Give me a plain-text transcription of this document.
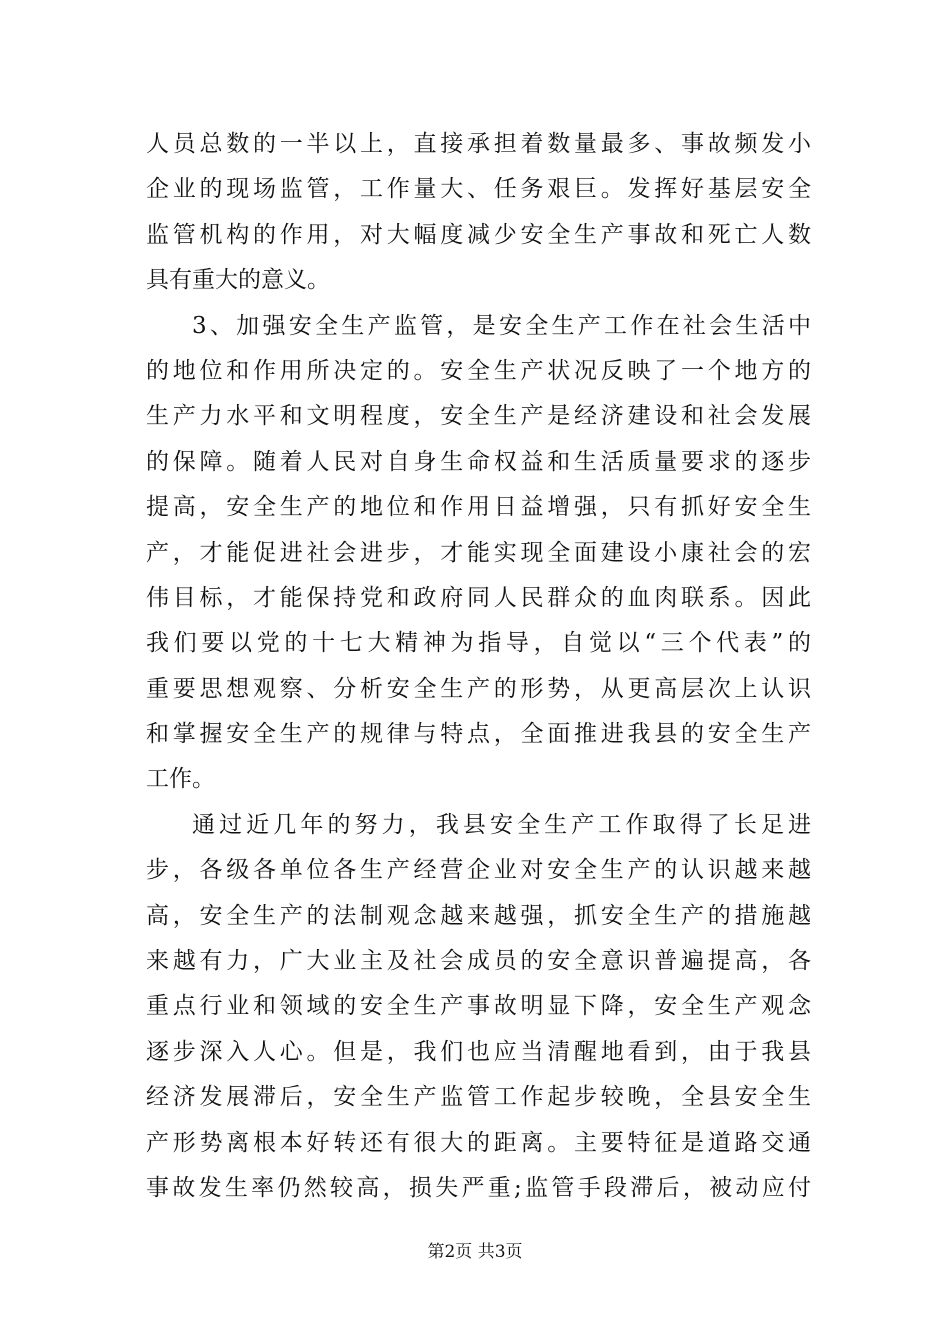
人员总数的一半以上，直接承担着数量最多、事故频发小
企业的现场监管，工作量大、任务艰巨。发挥好基层安全
监管机构的作用，对大幅度减少安全生产事故和死亡人数
具有重大的意义。
3、加强安全生产监管，是安全生产工作在社会生活中
的地位和作用所决定的。安全生产状况反映了一个地方的
生产力水平和文明程度，安全生产是经济建设和社会发展
的保障。随着人民对自身生命权益和生活质量要求的逐步
提高，安全生产的地位和作用日益增强，只有抓好安全生
产，才能促进社会进步，才能实现全面建设小康社会的宏
伟目标，才能保持党和政府同人民群众的血肉联系。因此
我们要以党的十七大精神为指导，自觉以“三个代表”的
重要思想观察、分析安全生产的形势，从更高层次上认识
和掌握安全生产的规律与特点，全面推进我县的安全生产
工作。
通过近几年的努力，我县安全生产工作取得了长足进
步，各级各单位各生产经营企业对安全生产的认识越来越
高，安全生产的法制观念越来越强，抓安全生产的措施越
来越有力，广大业主及社会成员的安全意识普遍提高，各
重点行业和领域的安全生产事故明显下降，安全生产观念
逐步深入人心。但是，我们也应当清醒地看到，由于我县
经济发展滞后，安全生产监管工作起步较晚，全县安全生
产形势离根本好转还有很大的距离。主要特征是道路交通
事故发生率仍然较高，损失严重;监管手段滞后，被动应付
第2页 共3页
